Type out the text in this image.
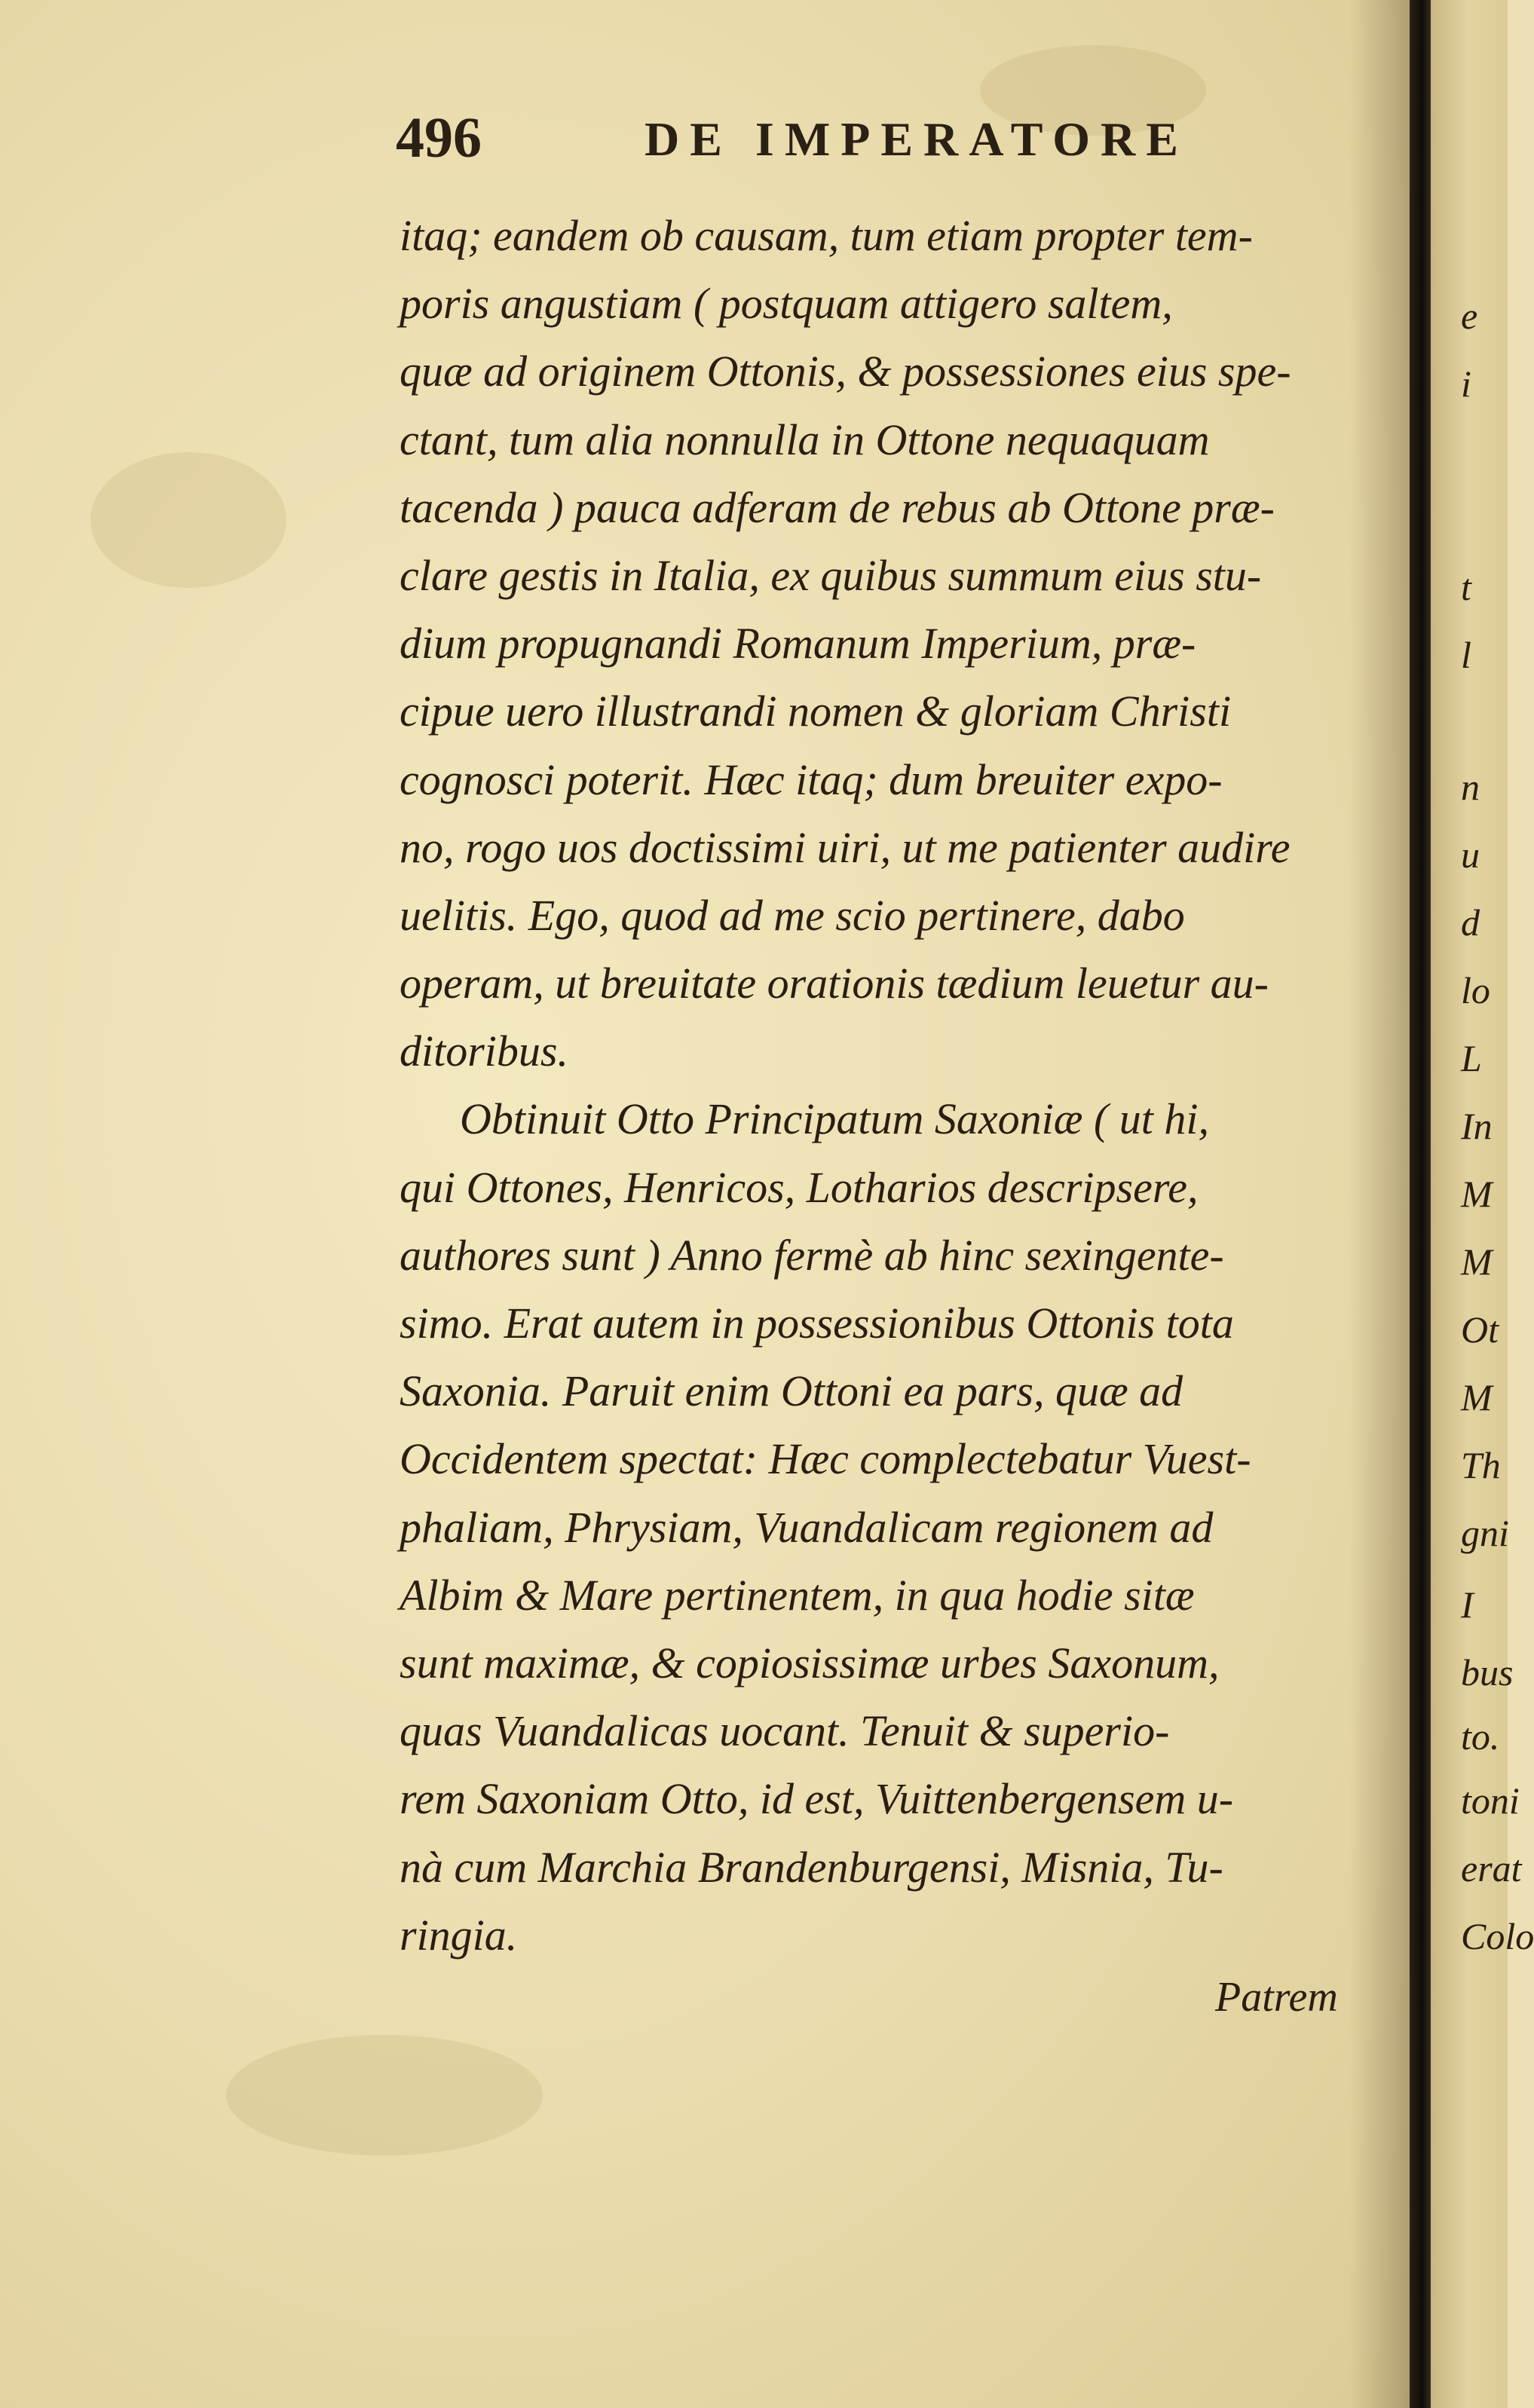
496	DE IMPERATORE
itaq; eandem ob causam, tum etiam propter tem-
poris angustiam ( postquam attigero saltem,
quæ ad originem Ottonis, & possessiones eius spe-
ctant, tum alia nonnulla in Ottone nequaquam
tacenda ) pauca adferam de rebus ab Ottone præ-
clare gestis in Italia, ex quibus summum eius stu-
dium propugnandi Romanum Imperium, præ-
cipue uero illustrandi nomen & gloriam Christi
cognosci poterit. Hæc itaq; dum breuiter expo-
no, rogo uos doctissimi uiri, ut me patienter audire
uelitis. Ego, quod ad me scio pertinere, dabo
operam, ut breuitate orationis tædium leuetur au-
ditoribus.
Obtinuit Otto Principatum Saxoniæ ( ut hi,
qui Ottones, Henricos, Lotharios descripsere,
authores sunt ) Anno fermè ab hinc sexingente-
simo. Erat autem in possessionibus Ottonis tota
Saxonia. Paruit enim Ottoni ea pars, quæ ad
Occidentem spectat: Hæc complectebatur Vuest-
phaliam, Phrysiam, Vuandalicam regionem ad
Albim & Mare pertinentem, in qua hodie sitæ
sunt maximæ, & copiosissimæ urbes Saxonum,
quas Vuandalicas uocant. Tenuit & superio-
rem Saxoniam Otto, id est, Vuittenbergensem u-
nà cum Marchia Brandenburgensi, Misnia, Tu-
ringia.
Patrem
e
i
t
l
n
u
d
lo
L
In
M
M
Ot
M
Th
gni
I
bus
to.
toni
erat
Colo
